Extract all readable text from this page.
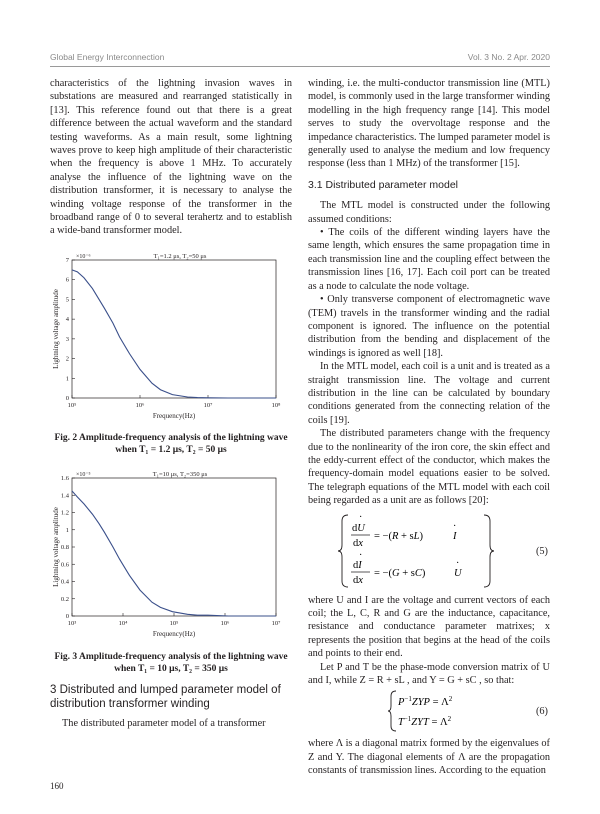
Global Energy Interconnection	Vol. 3 No. 2 Apr. 2020

characteristics of the lightning invasion waves in substations are measured and rearranged statistically in [13]. This reference found out that there is a great difference between the actual waveform and the standard testing waveforms. As a main result, some lightning waves prove to keep high amplitude of their characteristic when the frequency is above 1 MHz. To accurately analyse the influence of the lightning wave on the distribution transformer, it is necessary to analyse the winding voltage response of the transformer in the broadband range of 0 to several terahertz and to establish a wide-band transformer model.

10⁵	10⁶	10⁷	10⁸
0
1
2
3
4
5
6
7 ×10⁻⁶	T₁=1.2 μs, T₂=50 μs
Frequency(Hz)
Lightning voltage amplitude
Fig. 2 Amplitude-frequency analysis of the lightning wave
when T₁ = 1.2 μs, T₂ = 50 μs
10³	10⁴	10⁵	10⁶	10⁷
0
0.2
0.4
0.6
0.8
1
1.2
1.4
1.6 ×10⁻⁵	T₁=10 μs, T₂=350 μs
Frequency(Hz)
Lightning voltage amplitude
Fig. 3 Amplitude-frequency analysis of the lightning wave
when T₁ = 10 μs, T₂ = 350 μs
3 Distributed and lumped parameter model of distribution transformer winding

The distributed parameter model of a transformer

winding, i.e. the multi-conductor transmission line (MTL) model, is commonly used in the large transformer winding modelling in the high frequency range [14]. This model serves to study the overvoltage response and the impedance characteristics. The lumped parameter model is generally used to analyse the medium and low frequency response (less than 1 MHz) of the transformer [15].

3.1 Distributed parameter model

The MTL model is constructed under the following assumed conditions:

• The coils of the different winding layers have the same length, which ensures the same propagation time in each transmission line and the coupling effect between the transmission lines [16, 17]. Each coil port can be treated as a node to calculate the node voltage.

• Only transverse component of electromagnetic wave (TEM) travels in the transformer winding and the radial component is ignored. The influence on the potential distribution from the bending and displacement of the windings is ignored as well [18].

In the MTL model, each coil is a unit and is treated as a straight transmission line. The voltage and current distribution in the line can be calculated by boundary conditions generated from the connecting relation of the coils [19].

The distributed parameters change with the frequency due to the nonlinearity of the iron core, the skin effect and the eddy-current effect of the conductor, which makes the frequency-domain model equations easier to be solved. The telegraph equations of the MTL model with each coil being regarded as a unit are as follows [20]:

dU
·
dx
= −(R + sL)	I
·
dI
·
dx
= −(G + sC)	U
·
(5)

where U and I are the voltage and current vectors of each coil; the L, C, R and G are the inductance, capacitance, resistance and conductance parameter matrixes; x represents the position that begins at the head of the coils and points to their end.

Let P and T be the phase-mode conversion matrix of U and I, while Z = R + sL , and Y = G + sC , so that:

$P^{-1}ZYP = \Lambda^2$
$T^{-1}ZYT = \Lambda^2$
(6)

where Λ is a diagonal matrix formed by the eigenvalues of Z and Y. The diagonal elements of Λ are the propagation constants of transmission lines. According to the equation

160
